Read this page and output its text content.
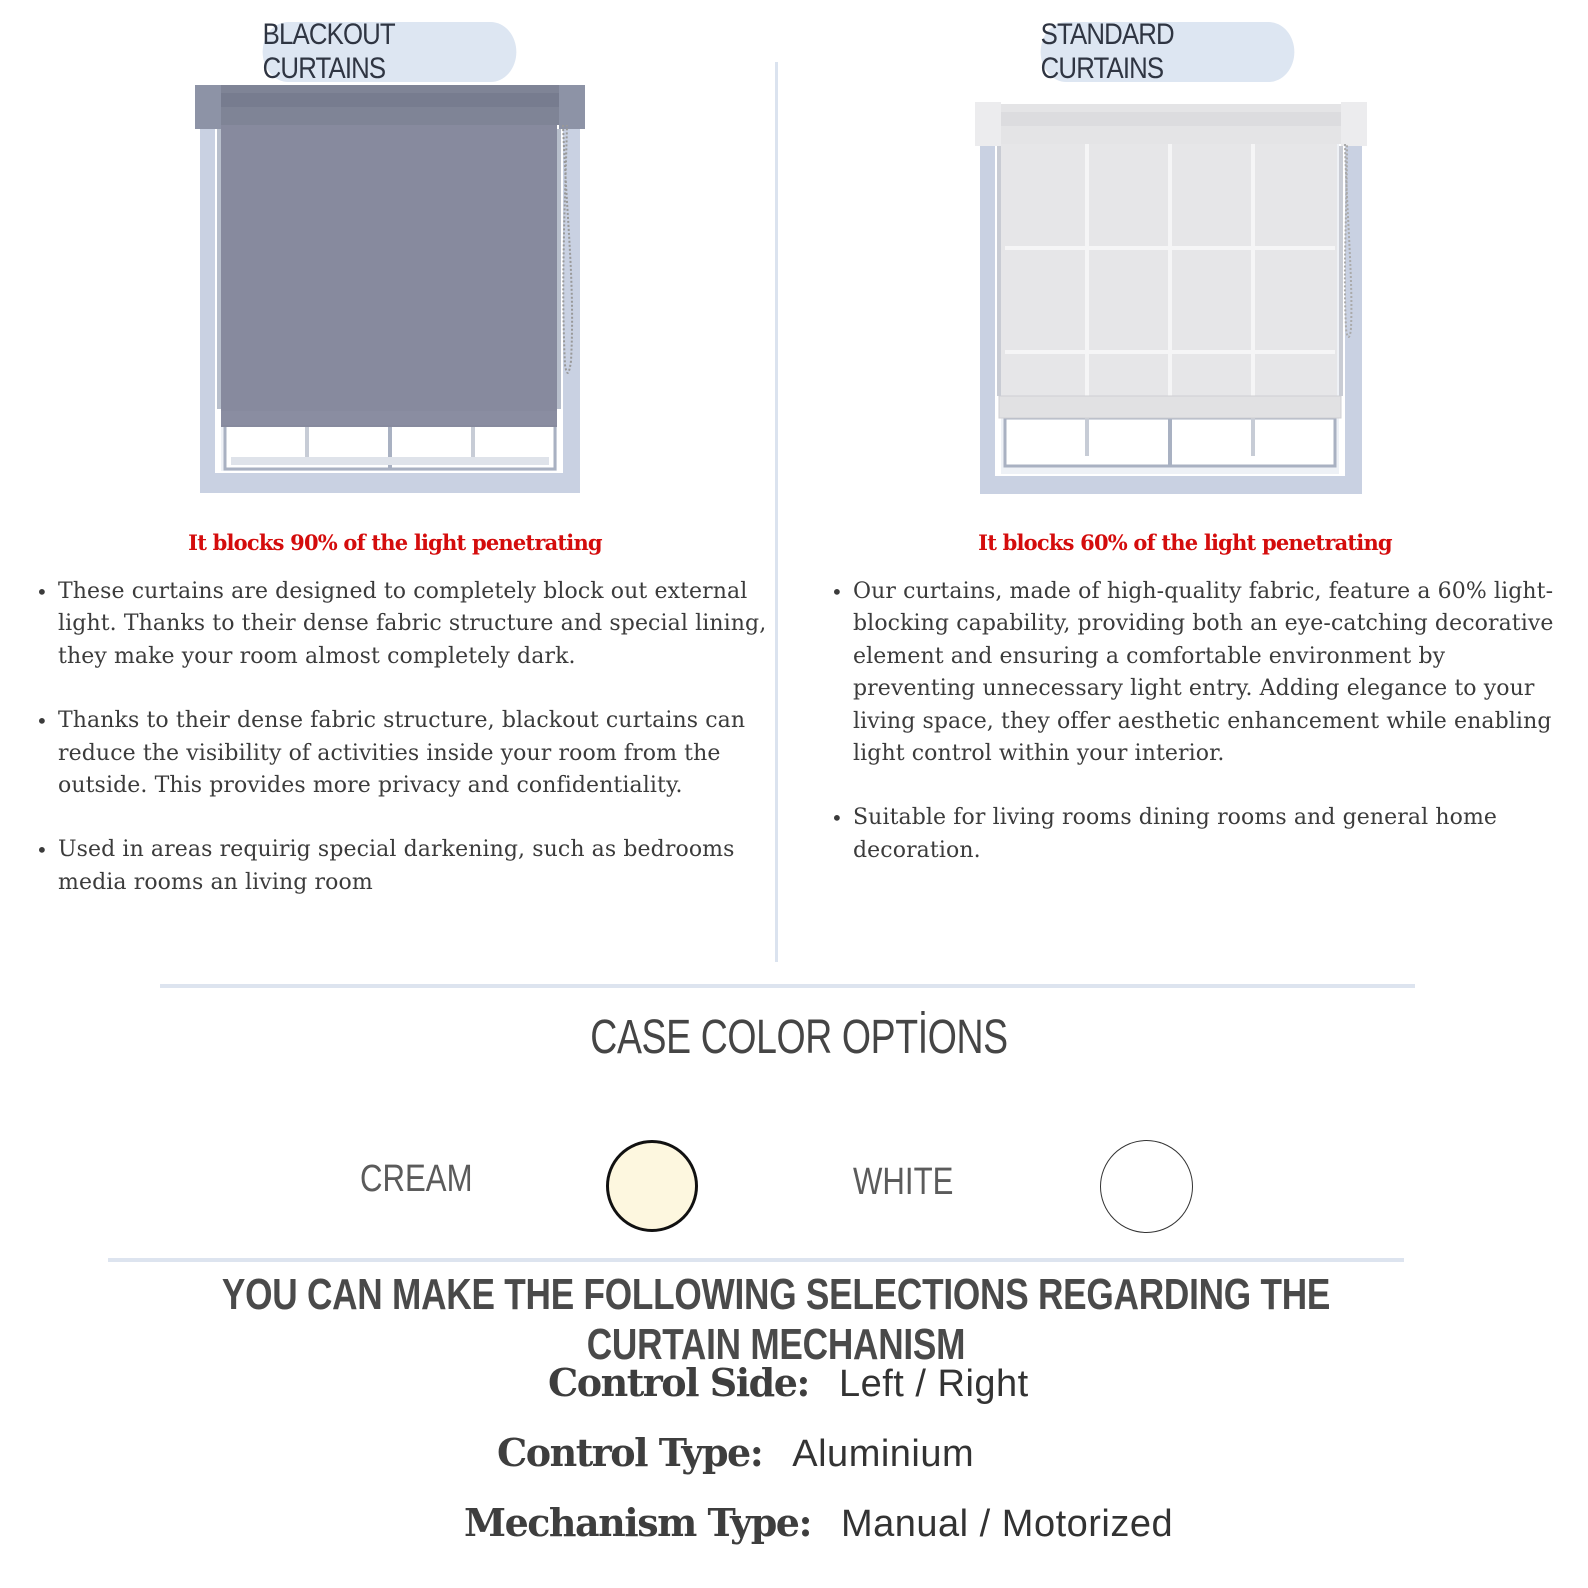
BLACKOUT CURTAINS
It blocks 90% of the light penetrating
• These curtains are designed to completely block out external light. Thanks to their dense fabric structure and special lining, they make your room almost completely dark.
• Thanks to their dense fabric structure, blackout curtains can reduce the visibility of activities inside your room from the outside. This provides more privacy and confidentiality.
• Used in areas requirig special darkening, such as bedrooms media rooms an living room
STANDARD CURTAINS
It blocks 60% of the light penetrating
• Our curtains, made of high-quality fabric, feature a 60% light-blocking capability, providing both an eye-catching decorative element and ensuring a comfortable environment by preventing unnecessary light entry. Adding elegance to your living space, they offer aesthetic enhancement while enabling light control within your interior.
• Suitable for living rooms dining rooms and general home decoration.
CASE COLOR OPTİONS
CREAM	WHITE
YOU CAN MAKE THE FOLLOWING SELECTIONS REGARDING THE CURTAIN MECHANISM
Control Side: Left / Right
Control Type: Aluminium
Mechanism Type: Manual / Motorized
